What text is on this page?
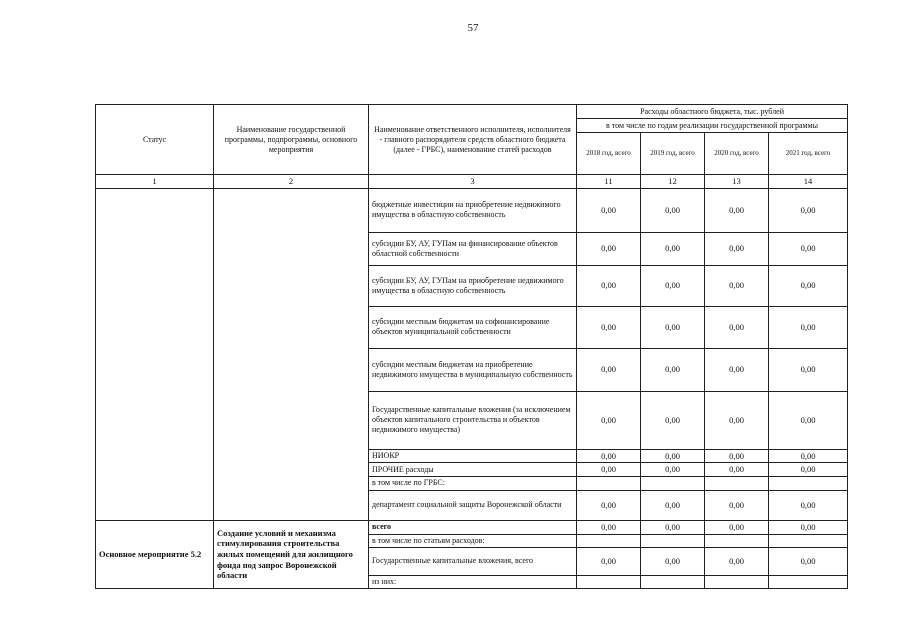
57
Статус	Наименование государственной программы, подпрограммы, основного мероприятия	Наименование ответственного исполнителя, исполнителя - главного распорядителя средств областного бюджета (далее - ГРБС), наименование статей расходов	Расходы областного бюджета, тыс. рублей			
			в том числе по годам реализации государственной программы			
			2018 год, всего	2019 год, всего	2020 год, всего	2021 год, всего
1	2	3	11	12	13	14
		бюджетные инвестиции на приобретение недвижимого имущества в областную собственность	0,00	0,00	0,00	0,00
		субсидии БУ, АУ, ГУПам на финансирование объектов областной собственности	0,00	0,00	0,00	0,00
		субсидии БУ, АУ, ГУПам на приобретение недвижимого имущества в областную собственность	0,00	0,00	0,00	0,00
		субсидии местным бюджетам на софинансирование объектов муниципальной собственности	0,00	0,00	0,00	0,00
		субсидии местным бюджетам на приобретение недвижимого имущества в муниципальную собственность	0,00	0,00	0,00	0,00
		Государственные капитальные вложения (за исключением объектов капитального строительства и объектов недвижимого имущества)	0,00	0,00	0,00	0,00
		НИОКР	0,00	0,00	0,00	0,00
		ПРОЧИЕ расходы	0,00	0,00	0,00	0,00
		в том числе по ГРБС:				
		департамент социальной защиты Воронежской области	0,00	0,00	0,00	0,00
Основное мероприятие 5.2	Создание условий и механизма стимулирования строительства жилых помещений для жилищного фонда под запрос Воронежской области	всего	0,00	0,00	0,00	0,00
		в том числе по статьям расходов:				
		Государственные капитальные вложения, всего	0,00	0,00	0,00	0,00
		из них:				
